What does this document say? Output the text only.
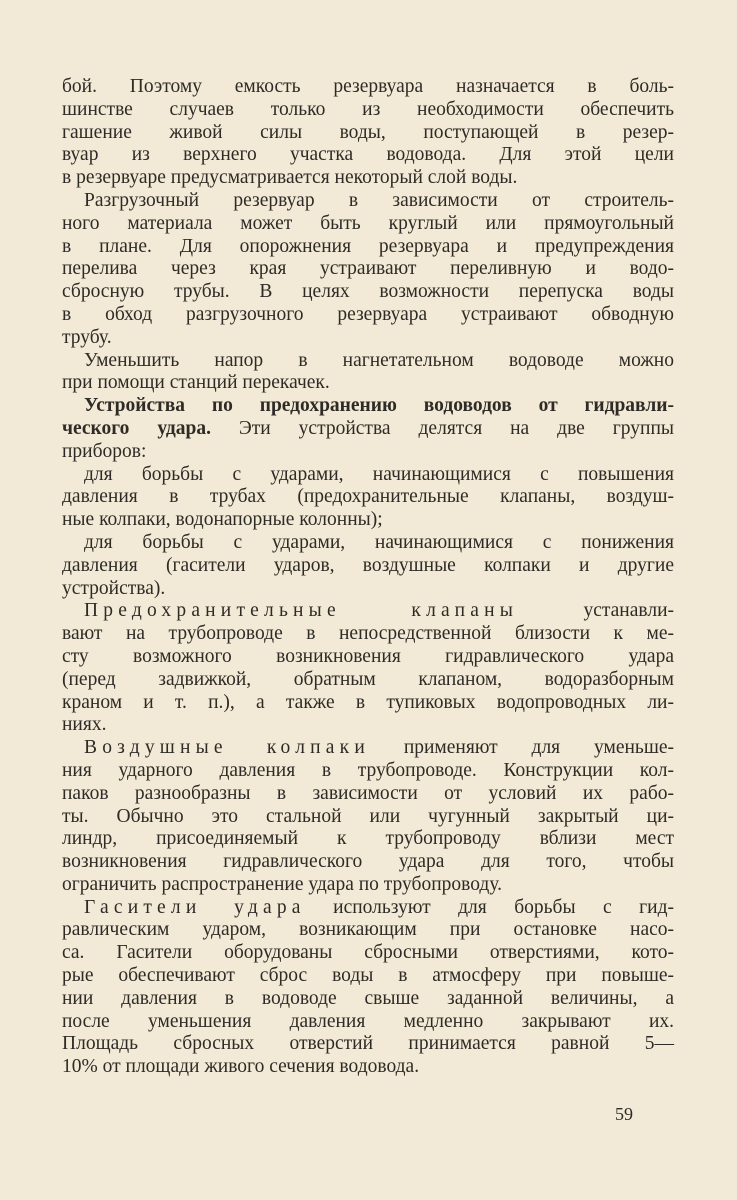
бой. Поэтому емкость резервуара назначается в боль-
шинстве случаев только из необходимости обеспечить
гашение живой силы воды, поступающей в резер-
вуар из верхнего участка водовода. Для этой цели
в резервуаре предусматривается некоторый слой воды.
Разгрузочный резервуар в зависимости от строитель-
ного материала может быть круглый или прямоугольный
в плане. Для опорожнения резервуара и предупреждения
перелива через края устраивают переливную и водо-
сбросную трубы. В целях возможности перепуска воды
в обход разгрузочного резервуара устраивают обводную
трубу.
Уменьшить напор в нагнетательном водоводе можно
при помощи станций перекачек.
Устройства по предохранению водоводов от гидравли-
ческого удара. Эти устройства делятся на две группы
приборов:
для борьбы с ударами, начинающимися с повышения
давления в трубах (предохранительные клапаны, воздуш-
ные колпаки, водонапорные колонны);
для борьбы с ударами, начинающимися с понижения
давления (гасители ударов, воздушные колпаки и другие
устройства).
Предохранительные клапаны устанавли-
вают на трубопроводе в непосредственной близости к ме-
сту возможного возникновения гидравлического удара
(перед задвижкой, обратным клапаном, водоразборным
краном и т. п.), а также в тупиковых водопроводных ли-
ниях.
Воздушные колпаки применяют для уменьше-
ния ударного давления в трубопроводе. Конструкции кол-
паков разнообразны в зависимости от условий их рабо-
ты. Обычно это стальной или чугунный закрытый ци-
линдр, присоединяемый к трубопроводу вблизи мест
возникновения гидравлического удара для того, чтобы
ограничить распространение удара по трубопроводу.
Гасители удара используют для борьбы с гид-
равлическим ударом, возникающим при остановке насо-
са. Гасители оборудованы сбросными отверстиями, кото-
рые обеспечивают сброс воды в атмосферу при повыше-
нии давления в водоводе свыше заданной величины, а
после уменьшения давления медленно закрывают их.
Площадь сбросных отверстий принимается равной 5—
10% от площади живого сечения водовода.
59
